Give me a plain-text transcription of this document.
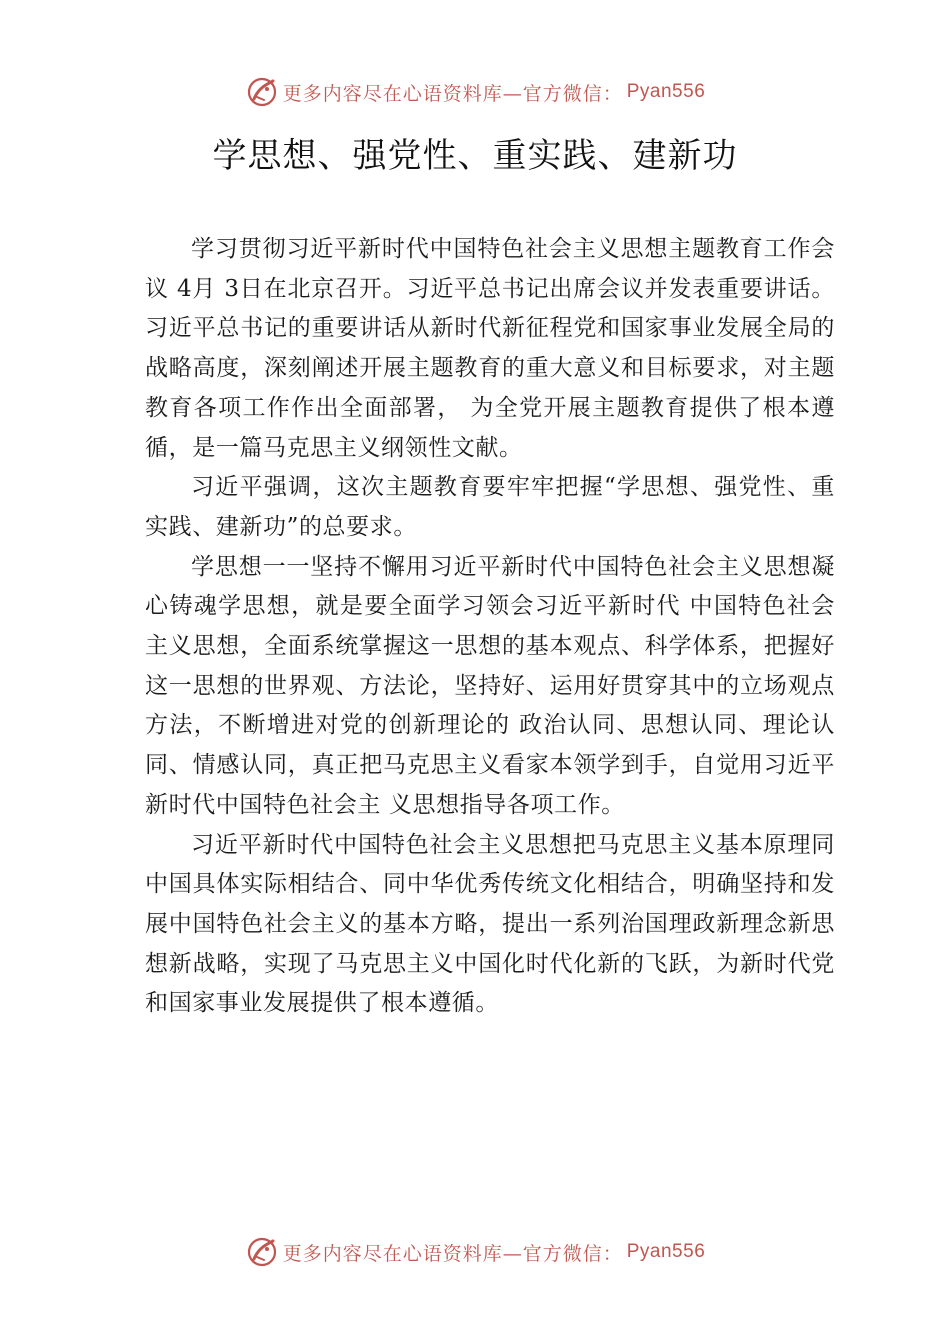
更多内容尽在心语资料库—官方微信： Pyan556
学思想、强党性、重实践、建新功

学习贯彻习近平新时代中国特色社会主义思想主题教育工作会议 4月 3日在北京召开。习近平总书记出席会议并发表重要讲话。习近平总书记的重要讲话从新时代新征程党和国家事业发展全局的战略高度，深刻阐述开展主题教育的重大意义和目标要求，对主题教育各项工作作出全面部署， 为全党开展主题教育提供了根本遵循，是一篇马克思主义纲领性文献。

习近平强调，这次主题教育要牢牢把握“学思想、强党性、重实践、建新功”的总要求。

学思想一一坚持不懈用习近平新时代中国特色社会主义思想凝心铸魂学思想，就是要全面学习领会习近平新时代 中国特色社会主义思想，全面系统掌握这一思想的基本观点、科学体系，把握好这一思想的世界观、方法论，坚持好、运用好贯穿其中的立场观点方法，不断增进对党的创新理论的 政治认同、思想认同、理论认同、情感认同，真正把马克思主义看家本领学到手，自觉用习近平新时代中国特色社会主 义思想指导各项工作。

习近平新时代中国特色社会主义思想把马克思主义基本原理同中国具体实际相结合、同中华优秀传统文化相结合，明确坚持和发展中国特色社会主义的基本方略，提出一系列治国理政新理念新思想新战略，实现了马克思主义中国化时代化新的飞跃，为新时代党和国家事业发展提供了根本遵循。

更多内容尽在心语资料库—官方微信： Pyan556
